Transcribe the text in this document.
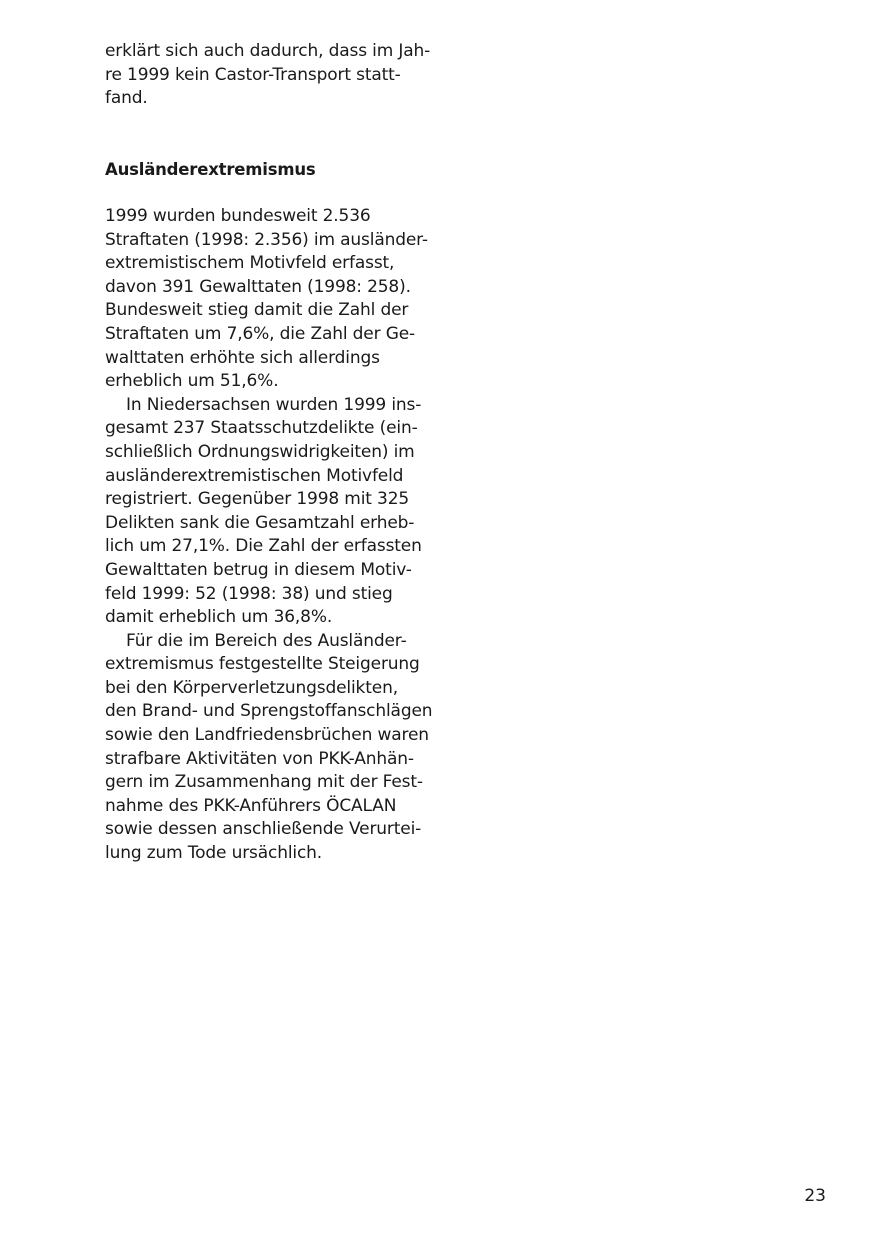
erklärt sich auch dadurch, dass im Jah-
re 1999 kein Castor-Transport statt-
fand.
Ausländerextremismus
1999 wurden bundesweit 2.536
Straftaten (1998: 2.356) im ausländer-
extremistischem Motivfeld erfasst,
davon 391 Gewalttaten (1998: 258).
Bundesweit stieg damit die Zahl der
Straftaten um 7,6%, die Zahl der Ge-
walttaten erhöhte sich allerdings
erheblich um 51,6%.
In Niedersachsen wurden 1999 ins-
gesamt 237 Staatsschutzdelikte (ein-
schließlich Ordnungswidrigkeiten) im
ausländerextremistischen Motivfeld
registriert. Gegenüber 1998 mit 325
Delikten sank die Gesamtzahl erheb-
lich um 27,1%. Die Zahl der erfassten
Gewalttaten betrug in diesem Motiv-
feld 1999: 52 (1998: 38) und stieg
damit erheblich um 36,8%.
Für die im Bereich des Ausländer-
extremismus festgestellte Steigerung
bei den Körperverletzungsdelikten,
den Brand- und Sprengstoffanschlägen
sowie den Landfriedensbrüchen waren
strafbare Aktivitäten von PKK-Anhän-
gern im Zusammenhang mit der Fest-
nahme des PKK-Anführers ÖCALAN
sowie dessen anschließende Verurtei-
lung zum Tode ursächlich.
23
